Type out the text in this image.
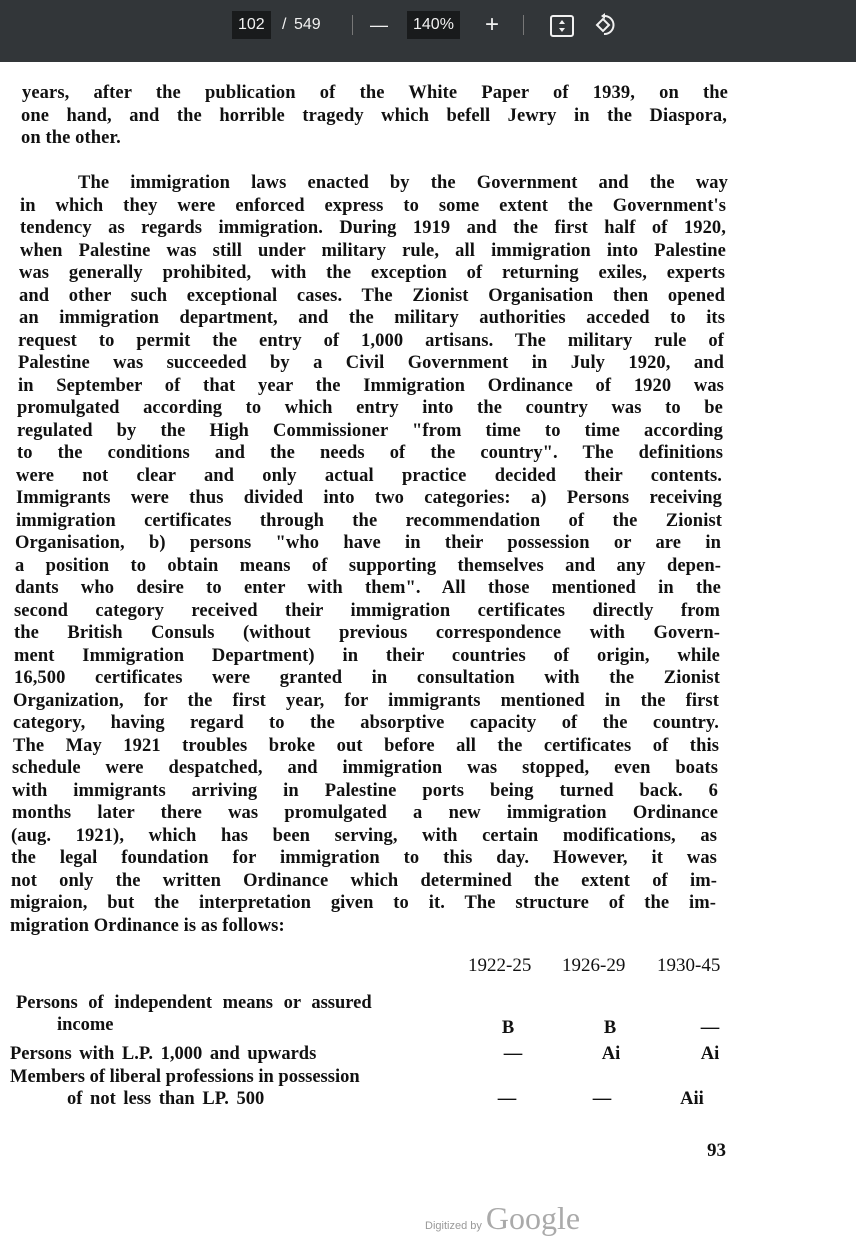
102	/ 549	—	140% +
years, after the publication of the White Paper of 1939, on the
one hand, and the horrible tragedy which befell Jewry in the Diaspora,
on the other.
The immigration laws enacted by the Government and the way
in which they were enforced express to some extent the Government's
tendency as regards immigration. During 1919 and the first half of 1920,
when Palestine was still under military rule, all immigration into Palestine
was generally prohibited, with the exception of returning exiles, experts
and other such exceptional cases. The Zionist Organisation then opened
an immigration department, and the military authorities acceded to its
request to permit the entry of 1,000 artisans. The military rule of
Palestine was succeeded by a Civil Government in July 1920, and
in September of that year the Immigration Ordinance of 1920 was
promulgated according to which entry into the country was to be
regulated by the High Commissioner "from time to time according
to the conditions and the needs of the country". The definitions
were not clear and only actual practice decided their contents.
Immigrants were thus divided into two categories: a) Persons receiving
immigration certificates through the recommendation of the Zionist
Organisation, b) persons "who have in their possession or are in
a position to obtain means of supporting themselves and any depen-
dants who desire to enter with them". All those mentioned in the
second category received their immigration certificates directly from
the British Consuls (without previous correspondence with Govern-
ment Immigration Department) in their countries of origin, while
16,500 certificates were granted in consultation with the Zionist
Organization, for the first year, for immigrants mentioned in the first
category, having regard to the absorptive capacity of the country.
The May 1921 troubles broke out before all the certificates of this
schedule were despatched, and immigration was stopped, even boats
with immigrants arriving in Palestine ports being turned back. 6
months later there was promulgated a new immigration Ordinance
(aug. 1921), which has been serving, with certain modifications, as
the legal foundation for immigration to this day. However, it was
not only the written Ordinance which determined the extent of im-
migraion, but the interpretation given to it. The structure of the im-
migration Ordinance is as follows:
1922-25 1926-29 1930-45
Persons of independent means or assured
income	B	B	—
Persons with L.P. 1,000 and upwards	—	Ai	Ai
Members of liberal professions in possession
of not less than LP. 500	—	—	Aii
93
Digitized by Google
